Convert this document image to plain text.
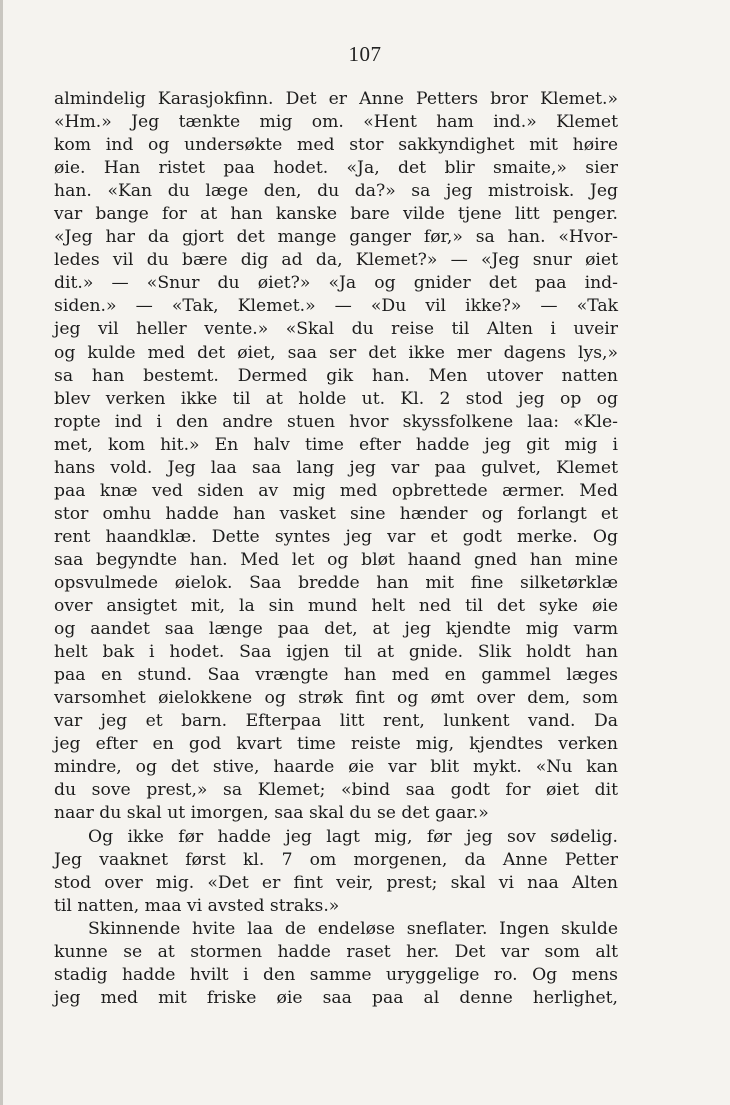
107
almindelig Karasjokfinn. Det er Anne Petters bror Klemet.»
«Hm.» Jeg tænkte mig om. «Hent ham ind.» Klemet
kom ind og undersøkte med stor sakkyndighet mit høire
øie. Han ristet paa hodet. «Ja, det blir smaite,» sier
han. «Kan du læge den, du da?» sa jeg mistroisk. Jeg
var bange for at han kanske bare vilde tjene litt penger.
«Jeg har da gjort det mange ganger før,» sa han. «Hvor-
ledes vil du bære dig ad da, Klemet?» — «Jeg snur øiet
dit.» — «Snur du øiet?» «Ja og gnider det paa ind-
siden.» — «Tak, Klemet.» — «Du vil ikke?» — «Tak
jeg vil heller vente.» «Skal du reise til Alten i uveir
og kulde med det øiet, saa ser det ikke mer dagens lys,»
sa han bestemt. Dermed gik han. Men utover natten
blev verken ikke til at holde ut. Kl. 2 stod jeg op og
ropte ind i den andre stuen hvor skyssfolkene laa: «Kle-
met, kom hit.» En halv time efter hadde jeg git mig i
hans vold. Jeg laa saa lang jeg var paa gulvet, Klemet
paa knæ ved siden av mig med opbrettede ærmer. Med
stor omhu hadde han vasket sine hænder og forlangt et
rent haandklæ. Dette syntes jeg var et godt merke. Og
saa begyndte han. Med let og bløt haand gned han mine
opsvulmede øielok. Saa bredde han mit fine silketørklæ
over ansigtet mit, la sin mund helt ned til det syke øie
og aandet saa længe paa det, at jeg kjendte mig varm
helt bak i hodet. Saa igjen til at gnide. Slik holdt han
paa en stund. Saa vrængte han med en gammel læges
varsomhet øielokkene og strøk fint og ømt over dem, som
var jeg et barn. Efterpaa litt rent, lunkent vand. Da
jeg efter en god kvart time reiste mig, kjendtes verken
mindre, og det stive, haarde øie var blit mykt. «Nu kan
du sove prest,» sa Klemet; «bind saa godt for øiet dit
naar du skal ut imorgen, saa skal du se det gaar.»
Og ikke før hadde jeg lagt mig, før jeg sov sødelig.
Jeg vaaknet først kl. 7 om morgenen, da Anne Petter
stod over mig. «Det er fint veir, prest; skal vi naa Alten
til natten, maa vi avsted straks.»
Skinnende hvite laa de endeløse sneflater. Ingen skulde
kunne se at stormen hadde raset her. Det var som alt
stadig hadde hvilt i den samme uryggelige ro. Og mens
jeg med mit friske øie saa paa al denne herlighet,
